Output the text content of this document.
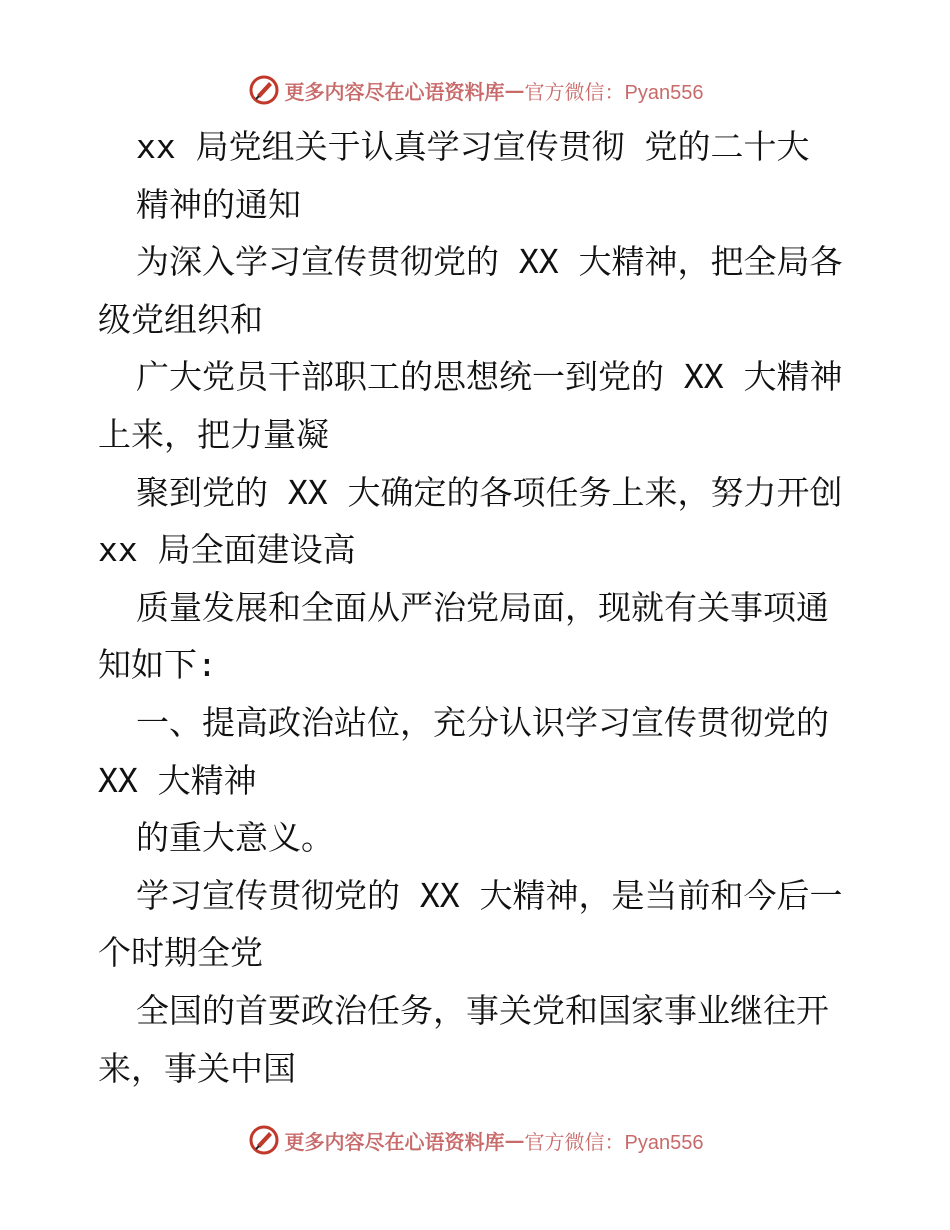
更多内容尽在心语资料库 — 官方微信：Pyan556
xx 局党组关于认真学习宣传贯彻 党的二十大
精神的通知
为深入学习宣传贯彻党的 XX 大精神，把全局各
级党组织和
广大党员干部职工的思想统一到党的 XX 大精神
上来，把力量凝
聚到党的 XX 大确定的各项任务上来，努力开创
xx 局全面建设高
质量发展和全面从严治党局面，现就有关事项通
知如下:
一、提高政治站位，充分认识学习宣传贯彻党的
XX 大精神
的重大意义。
学习宣传贯彻党的 XX 大精神，是当前和今后一
个时期全党
全国的首要政治任务，事关党和国家事业继往开
来，事关中国
更多内容尽在心语资料库 — 官方微信：Pyan556
